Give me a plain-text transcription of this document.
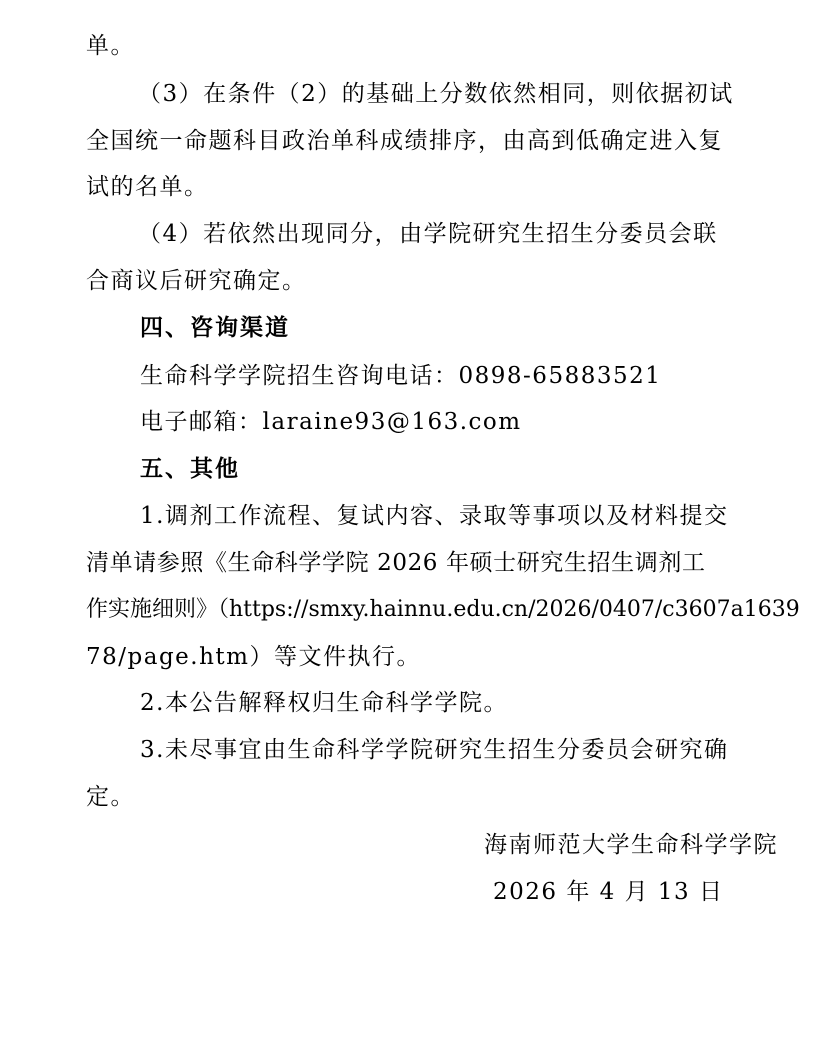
单。
（3）在条件（2）的基础上分数依然相同，则依据初试
全国统一命题科目政治单科成绩排序，由高到低确定进入复
试的名单。
（4）若依然出现同分，由学院研究生招生分委员会联
合商议后研究确定。
四、咨询渠道
生命科学学院招生咨询电话：0898-65883521
电子邮箱：laraine93@163.com
五、其他
1.调剂工作流程、复试内容、录取等事项以及材料提交
清单请参照《生命科学学院 2026 年硕士研究生招生调剂工
作实施细则》（https://smxy.hainnu.edu.cn/2026/0407/c3607a1639
78/page.htm）等文件执行。
2.本公告解释权归生命科学学院。
3.未尽事宜由生命科学学院研究生招生分委员会研究确
定。
海南师范大学生命科学学院
2026 年 4 月 13 日
